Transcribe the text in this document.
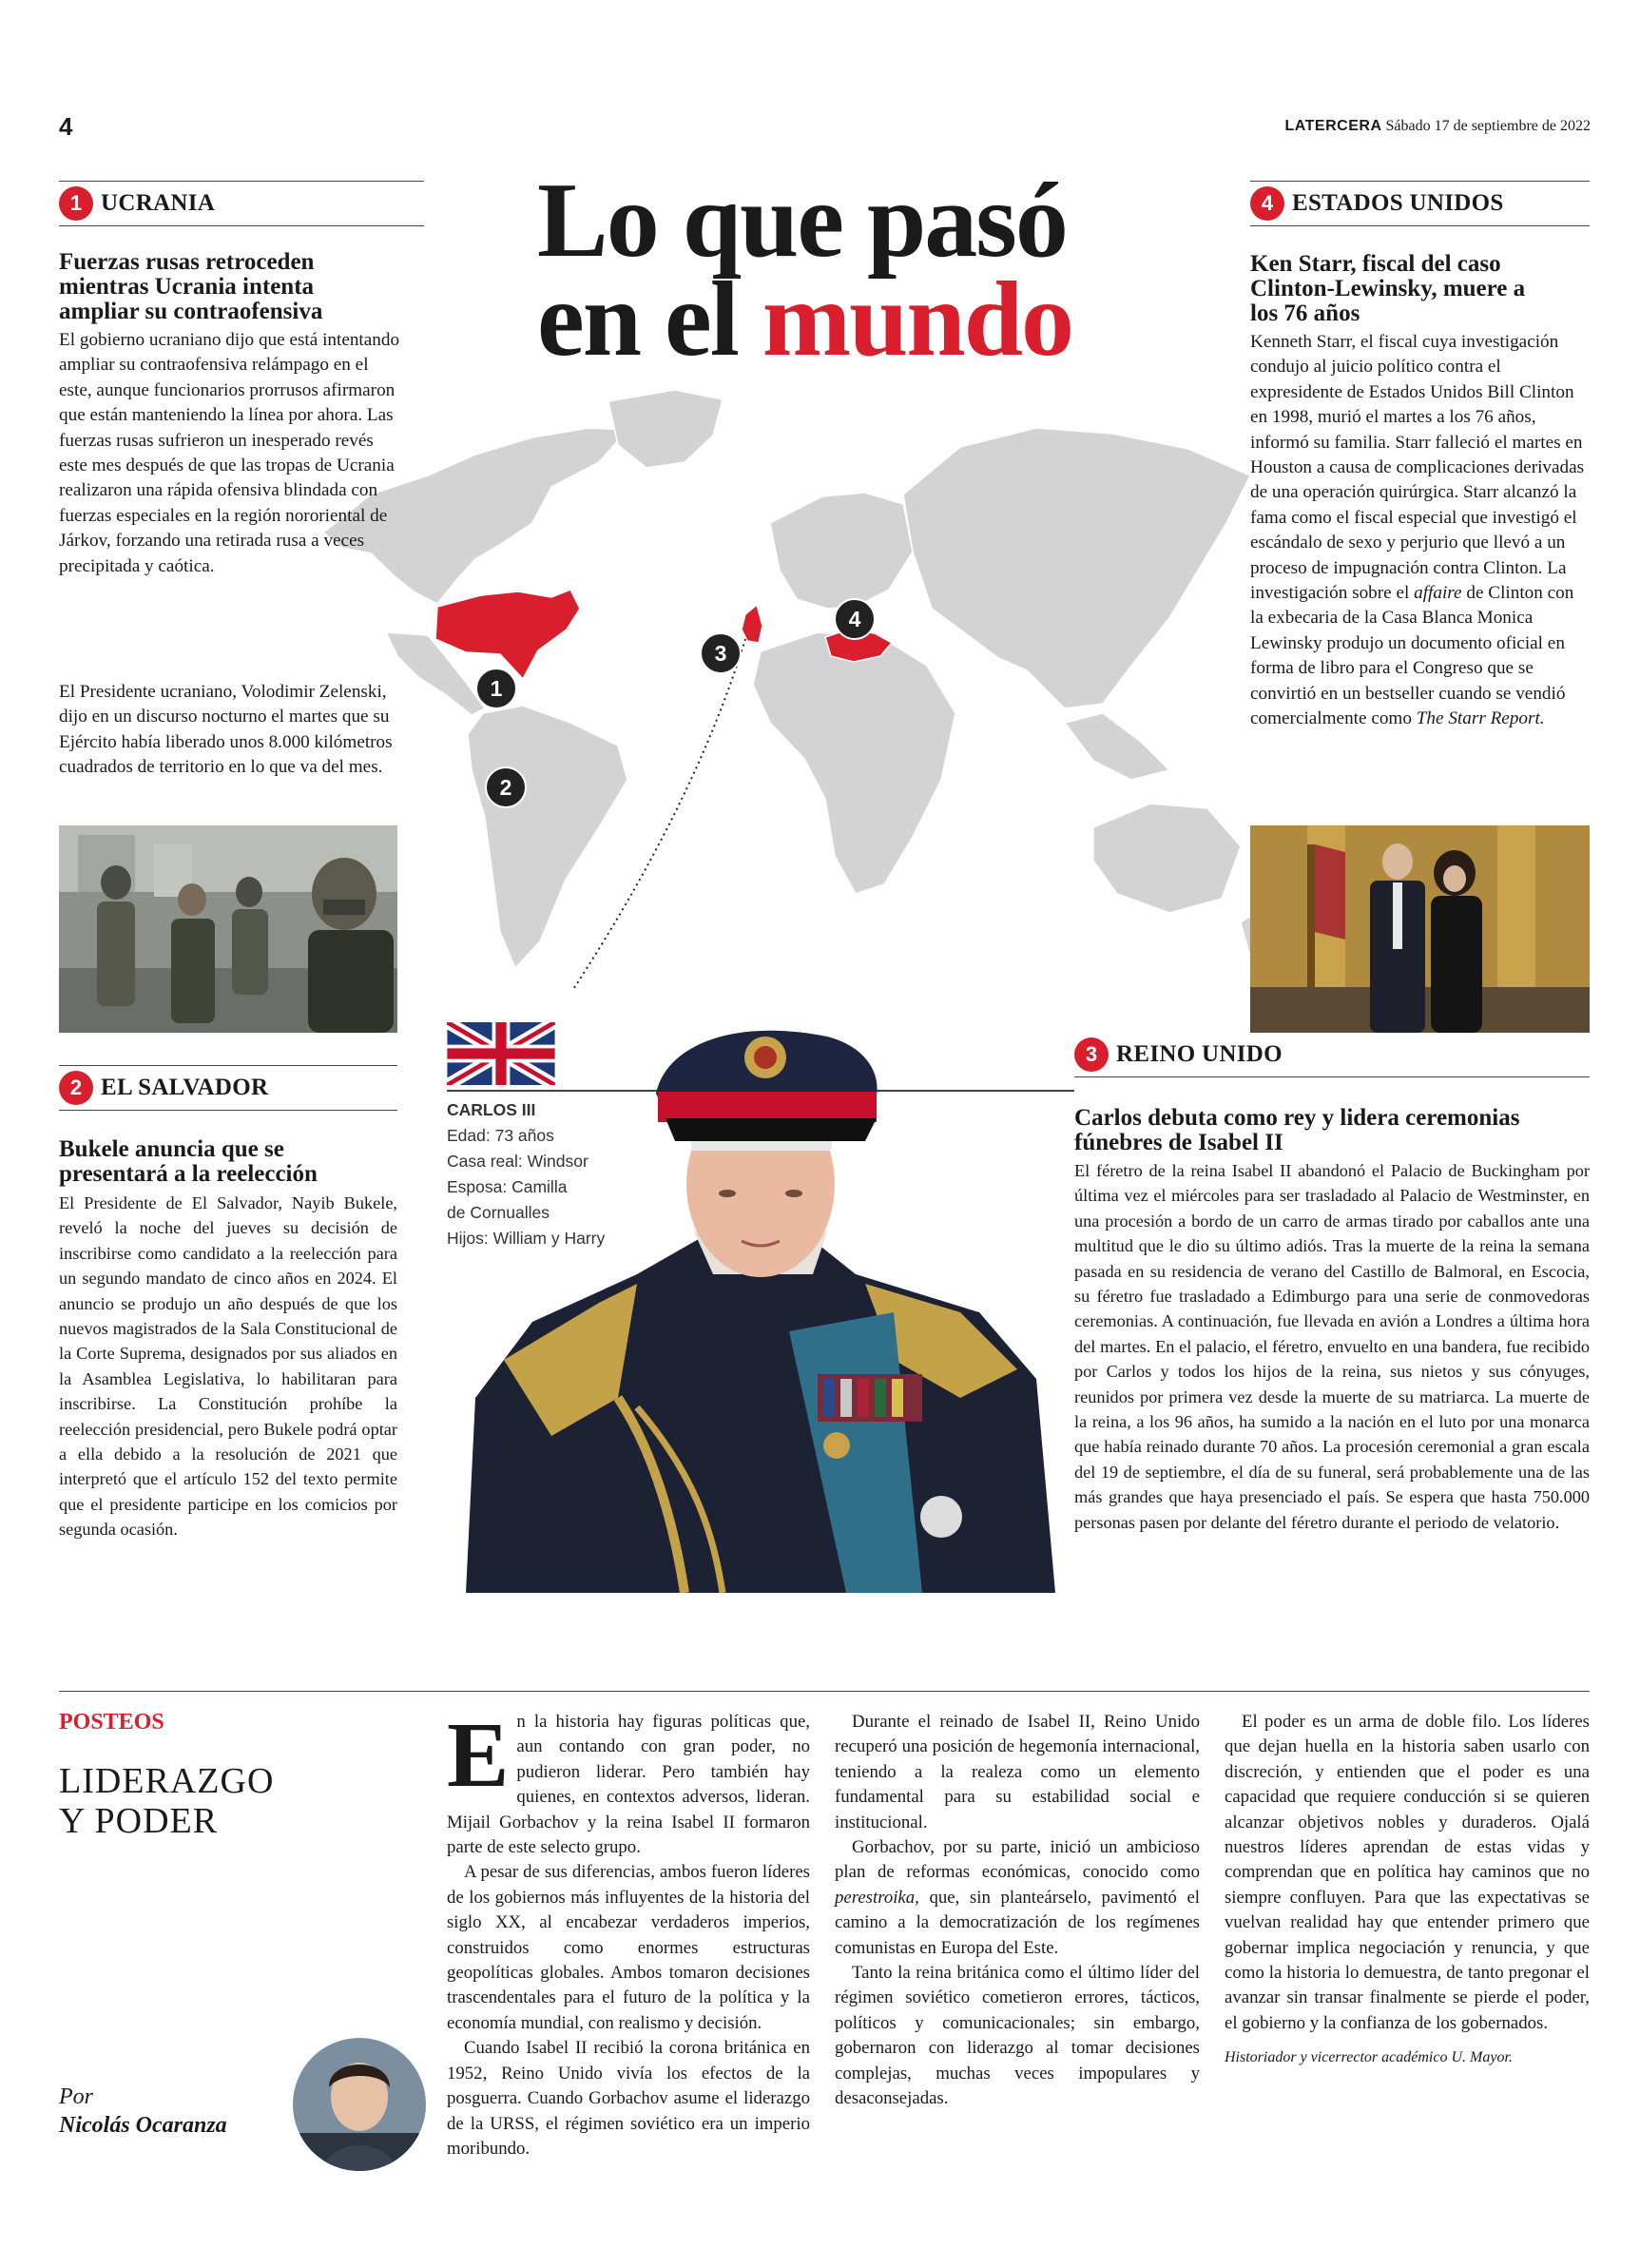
4	LATERCERA Sábado 17 de septiembre de 2022
Lo que pasó
en el mundo
1
2
3
4
1 UCRANIA
Fuerzas rusas retroceden mientras Ucrania intenta ampliar su contraofensiva

El gobierno ucraniano dijo que está intentando ampliar su contraofensiva relámpago en el este, aunque funcionarios prorrusos afirmaron que están manteniendo la línea por ahora. Las fuerzas rusas sufrieron un inesperado revés este mes después de que las tropas de Ucrania realizaron una rápida ofensiva blindada con fuerzas especiales en la región nororiental de Járkov, forzando una retirada rusa a veces precipitada y caótica.

El Presidente ucraniano, Volodimir Zelenski, dijo en un discurso nocturno el martes que su Ejército había liberado unos 8.000 kilómetros cuadrados de territorio en lo que va del mes.

2 EL SALVADOR
Bukele anuncia que se presentará a la reelección

El Presidente de El Salvador, Nayib Bukele, reveló la noche del jueves su decisión de inscribirse como candidato a la reelección para un segundo mandato de cinco años en 2024. El anuncio se produjo un año después de que los nuevos magistrados de la Sala Constitucional de la Corte Suprema, designados por sus aliados en la Asamblea Legislativa, lo habilitaran para inscribirse. La Constitución prohíbe la reelección presidencial, pero Bukele podrá optar a ella debido a la resolución de 2021 que interpretó que el artículo 152 del texto permite que el presidente participe en los comicios por segunda ocasión.

4 ESTADOS UNIDOS
Ken Starr, fiscal del caso Clinton-Lewinsky, muere a los 76 años

Kenneth Starr, el fiscal cuya investigación condujo al juicio político contra el expresidente de Estados Unidos Bill Clinton en 1998, murió el martes a los 76 años, informó su familia. Starr falleció el martes en Houston a causa de complicaciones derivadas de una operación quirúrgica. Starr alcanzó la fama como el fiscal especial que investigó el escándalo de sexo y perjurio que llevó a un proceso de impugnación contra Clinton. La investigación sobre el affaire de Clinton con la exbecaria de la Casa Blanca Monica Lewinsky produjo un documento oficial en forma de libro para el Congreso que se convirtió en un bestseller cuando se vendió comercialmente como The Starr Report.

3 REINO UNIDO
Carlos debuta como rey y lidera ceremonias fúnebres de Isabel II

El féretro de la reina Isabel II abandonó el Palacio de Buckingham por última vez el miércoles para ser trasladado al Palacio de Westminster, en una procesión a bordo de un carro de armas tirado por caballos ante una multitud que le dio su último adiós. Tras la muerte de la reina la semana pasada en su residencia de verano del Castillo de Balmoral, en Escocia, su féretro fue trasladado a Edimburgo para una serie de conmovedoras ceremonias. A continuación, fue llevada en avión a Londres a última hora del martes. En el palacio, el féretro, envuelto en una bandera, fue recibido por Carlos y todos los hijos de la reina, sus nietos y sus cónyuges, reunidos por primera vez desde la muerte de su matriarca. La muerte de la reina, a los 96 años, ha sumido a la nación en el luto por una monarca que había reinado durante 70 años. La procesión ceremonial a gran escala del 19 de septiembre, el día de su funeral, será probablemente una de las más grandes que haya presenciado el país. Se espera que hasta 750.000 personas pasen por delante del féretro durante el periodo de velatorio.

CARLOS III
Edad: 73 años
Casa real: Windsor
Esposa: Camilla
de Cornualles
Hijos: William y Harry
POSTEOS
LIDERAZGO
Y PODER
Por
Nicolás Ocaranza
E n la historia hay figuras políticas que, aun contando con gran poder, no pudieron liderar. Pero también hay quienes, en contextos adversos, lideran. Mijail Gorbachov y la reina Isabel II formaron parte de este selecto grupo.

A pesar de sus diferencias, ambos fueron líderes de los gobiernos más influyentes de la historia del siglo XX, al encabezar verdaderos imperios, construidos como enormes estructuras geopolíticas globales. Ambos tomaron decisiones trascendentales para el futuro de la política y la economía mundial, con realismo y decisión.

Cuando Isabel II recibió la corona británica en 1952, Reino Unido vivía los efectos de la posguerra. Cuando Gorbachov asume el liderazgo de la URSS, el régimen soviético era un imperio moribundo.

Durante el reinado de Isabel II, Reino Unido recuperó una posición de hegemonía internacional, teniendo a la realeza como un elemento fundamental para su estabilidad social e institucional.

Gorbachov, por su parte, inició un ambicioso plan de reformas económicas, conocido como perestroika, que, sin planteárselo, pavimentó el camino a la democratización de los regímenes comunistas en Europa del Este.

Tanto la reina británica como el último líder del régimen soviético cometieron errores, tácticos, políticos y comunicacionales; sin embargo, gobernaron con liderazgo al tomar decisiones complejas, muchas veces impopulares y desaconsejadas.

El poder es un arma de doble filo. Los líderes que dejan huella en la historia saben usarlo con discreción, y entienden que el poder es una capacidad que requiere conducción si se quieren alcanzar objetivos nobles y duraderos. Ojalá nuestros líderes aprendan de estas vidas y comprendan que en política hay caminos que no siempre confluyen. Para que las expectativas se vuelvan realidad hay que entender primero que gobernar implica negociación y renuncia, y que como la historia lo demuestra, de tanto pregonar el avanzar sin transar finalmente se pierde el poder, el gobierno y la confianza de los gobernados.

Historiador y vicerrector académico U. Mayor.
